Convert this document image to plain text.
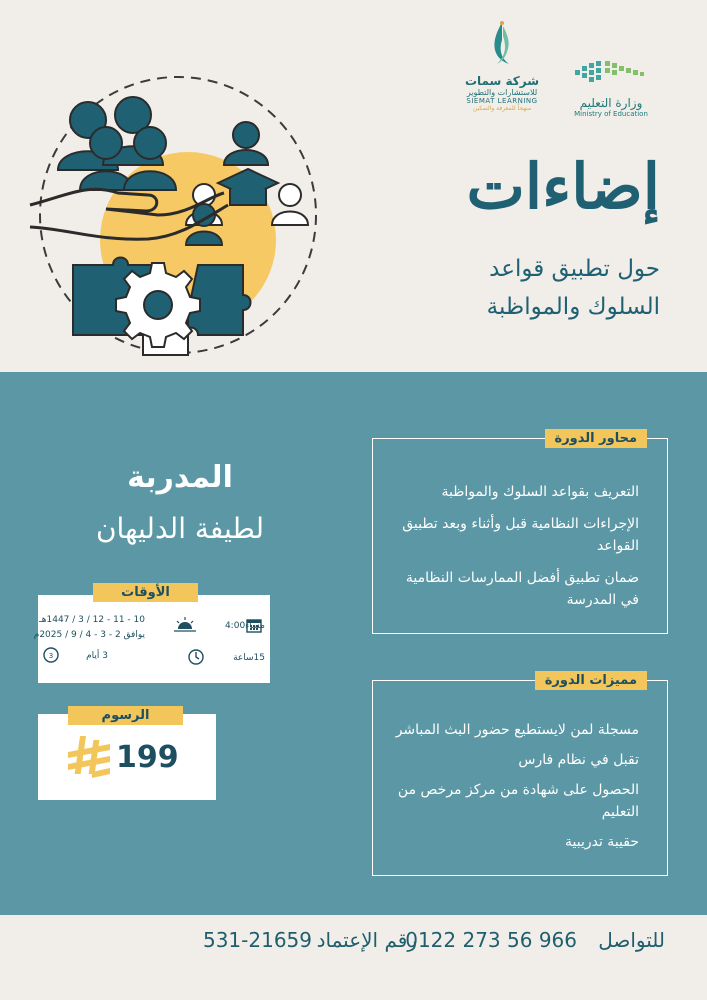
وزارة التعليم
Ministry of Education
شركة سمات
للاستشارات والتطوير
SIEMAT LEARNING
منهجاً للمعرفة والتمكين
إضاءات
حول تطبيق قواعد
السلوك والمواظبة
المدربة
لطيفة الدليهان
الأوقات
10 - 11 - 12 / 3 / 1447هـ
يوافق 2 - 3 - 4 / 9 / 2025م
3	3 أيام
مساء4:00
15ساعة
الرسوم
199
محاور الدورة
التعريف بقواعد السلوك والمواظبة
الإجراءات النظامية قبل وأثناء وبعد تطبيق القواعد
ضمان تطبيق أفضل الممارسات النظامية في المدرسة
مميزات الدورة
مسجلة لمن لايستطيع حضور البث المباشر
تقبل في نظام فارس
الحصول على شهادة من مركز مرخص من التعليم
حقيبة تدريبية
للتواصل
0122 273 56 966
رقم الإعتماد
531-21659
